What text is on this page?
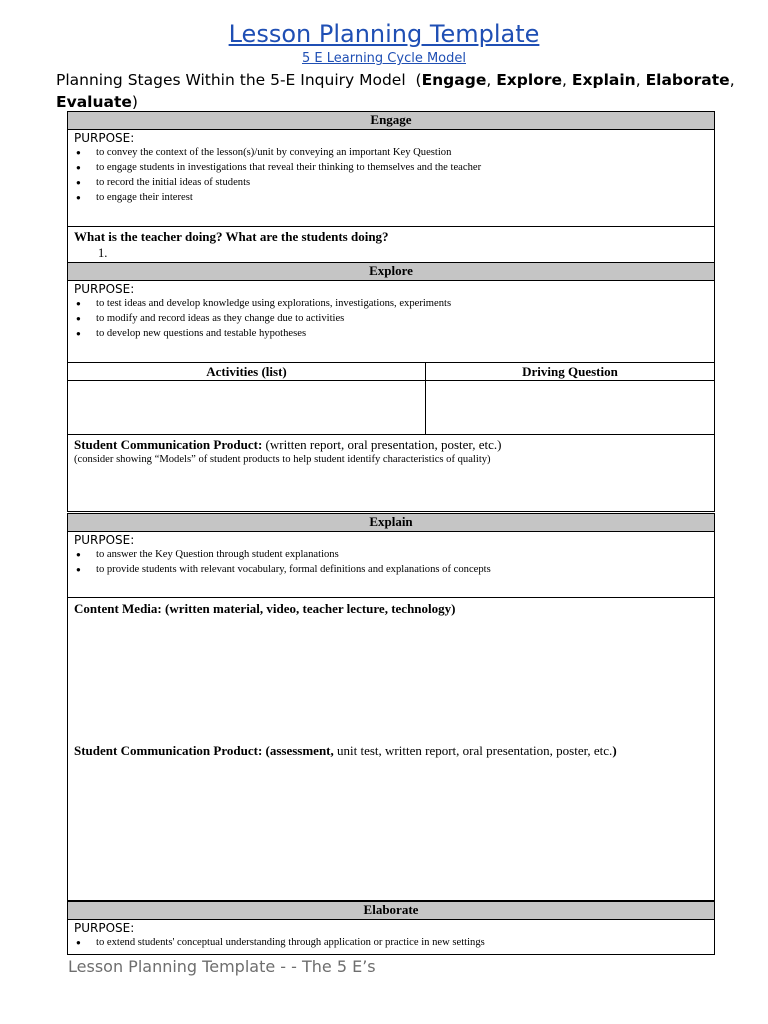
Lesson Planning Template
5 E Learning Cycle Model
Planning Stages Within the 5-E Inquiry Model  (Engage, Explore, Explain, Elaborate, Evaluate)
Engage
PURPOSE:
● to convey the context of the lesson(s)/unit by conveying an important Key Question
● to engage students in investigations that reveal their thinking to themselves and the teacher
● to record the initial ideas of students
● to engage their interest
What is the teacher doing? What are the students doing?
1.
Explore
PURPOSE:
● to test ideas and develop knowledge using explorations, investigations, experiments
● to modify and record ideas as they change due to activities
● to develop new questions and testable hypotheses
Activities (list)	Driving Question
Student Communication Product: (written report, oral presentation, poster, etc.)
(consider showing “Models” of student products to help student identify characteristics of quality)
Explain
PURPOSE:
● to answer the Key Question through student explanations
● to provide students with relevant vocabulary, formal definitions and explanations of concepts
Content Media: (written material, video, teacher lecture, technology)
Student Communication Product: (assessment, unit test, written report, oral presentation, poster, etc.)
Elaborate
PURPOSE:
● to extend students' conceptual understanding through application or practice in new settings
Lesson Planning Template - - The 5 E’s
